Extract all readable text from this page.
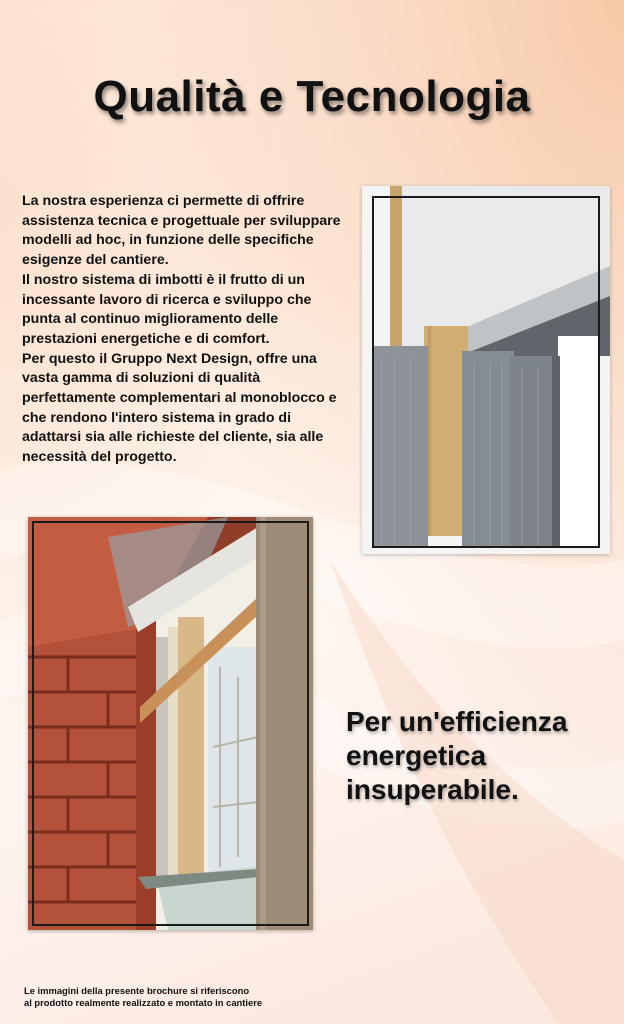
Qualità e Tecnologia

La nostra esperienza ci permette di offrire assistenza tecnica e progettuale per sviluppare modelli ad hoc, in funzione delle specifiche esigenze del cantiere.

Il nostro sistema di imbotti è il frutto di un incessante lavoro di ricerca e sviluppo che punta al continuo miglioramento delle prestazioni energetiche e di comfort.

Per questo il Gruppo Next Design, offre una vasta gamma di soluzioni di qualità perfettamente complementari al monoblocco e che rendono l'intero sistema in grado di adattarsi sia alle richieste del cliente, sia alle necessità del progetto.

Per un'efficienza energetica insuperabile.

Le immagini della presente brochure si riferiscono

al prodotto realmente realizzato e montato in cantiere
